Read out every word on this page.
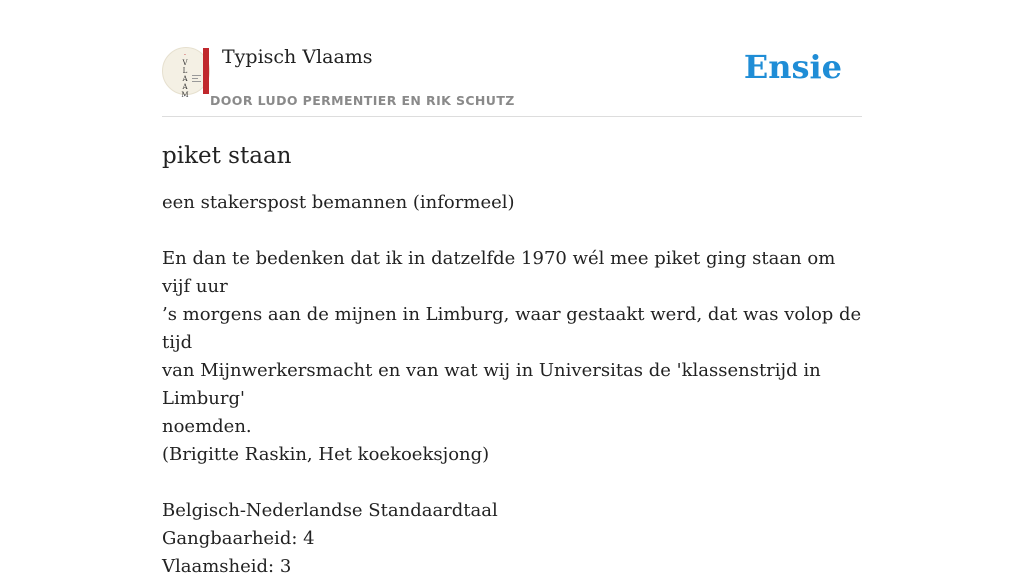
·
V
L
A
A
M
Typisch Vlaams
DOOR LUDO PERMENTIER EN RIK SCHUTZ
Ensie
piket staan

een stakerspost bemannen (informeel)

En dan te bedenken dat ik in datzelfde 1970 wél mee piket ging staan om vijf uur

’s morgens aan de mijnen in Limburg, waar gestaakt werd, dat was volop de tijd

van Mijnwerkersmacht en van wat wij in Universitas de 'klassenstrijd in Limburg'

noemden.

(Brigitte Raskin, Het koekoeksjong)

Belgisch-Nederlandse Standaardtaal

Gangbaarheid: 4

Vlaamsheid: 3
